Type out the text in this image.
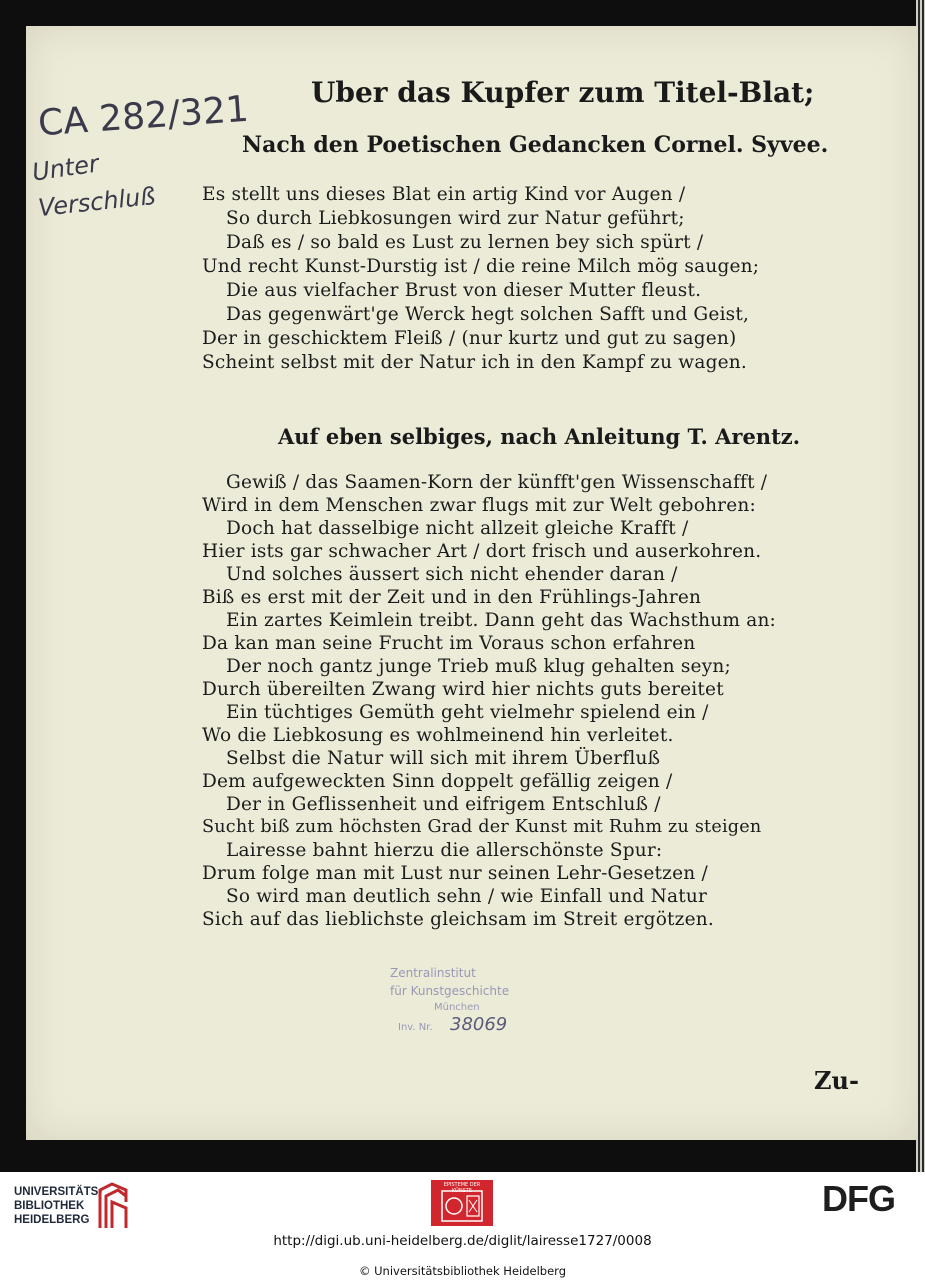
Uber das Kupfer zum Titel-Blat;
Nach den Poetischen Gedancken Cornel. Syvee.
CA 282/321
Unter
Verschluß Es stellt uns dieses Blat ein artig Kind vor Augen /
So durch Liebkosungen wird zur Natur geführt;
Daß es / so bald es Lust zu lernen bey sich spürt /
Und recht Kunst-Durstig ist / die reine Milch mög saugen;
Die aus vielfacher Brust von dieser Mutter fleust.
Das gegenwärt'ge Werck hegt solchen Safft und Geist,
Der in geschicktem Fleiß / (nur kurtz und gut zu sagen)
Scheint selbst mit der Natur ich in den Kampf zu wagen.
Auf eben selbiges, nach Anleitung T. Arentz.
Gewiß / das Saamen-Korn der künfft'gen Wissenschafft /
Wird in dem Menschen zwar flugs mit zur Welt gebohren:
Doch hat dasselbige nicht allzeit gleiche Krafft /
Hier ists gar schwacher Art / dort frisch und auserkohren.
Und solches äussert sich nicht ehender daran /
Biß es erst mit der Zeit und in den Frühlings-Jahren
Ein zartes Keimlein treibt. Dann geht das Wachsthum an:
Da kan man seine Frucht im Voraus schon erfahren
Der noch gantz junge Trieb muß klug gehalten seyn;
Durch übereilten Zwang wird hier nichts guts bereitet
Ein tüchtiges Gemüth geht vielmehr spielend ein /
Wo die Liebkosung es wohlmeinend hin verleitet.
Selbst die Natur will sich mit ihrem Überfluß
Dem aufgeweckten Sinn doppelt gefällig zeigen /
Der in Geflissenheit und eifrigem Entschluß /
Sucht biß zum höchsten Grad der Kunst mit Ruhm zu steigen
Lairesse bahnt hierzu die allerschönste Spur:
Drum folge man mit Lust nur seinen Lehr-Gesetzen /
So wird man deutlich sehn / wie Einfall und Natur
Sich auf das lieblichste gleichsam im Streit ergötzen.
Zentralinstitut
für Kunstgeschichte
München
Inv. Nr. 38069
Zu-
UNIVERSITÄTS-
BIBLIOTHEK
HEIDELBERG
EPISTEME DER KÜNSTE	DFG
http://digi.ub.uni-heidelberg.de/diglit/lairesse1727/0008
© Universitätsbibliothek Heidelberg
